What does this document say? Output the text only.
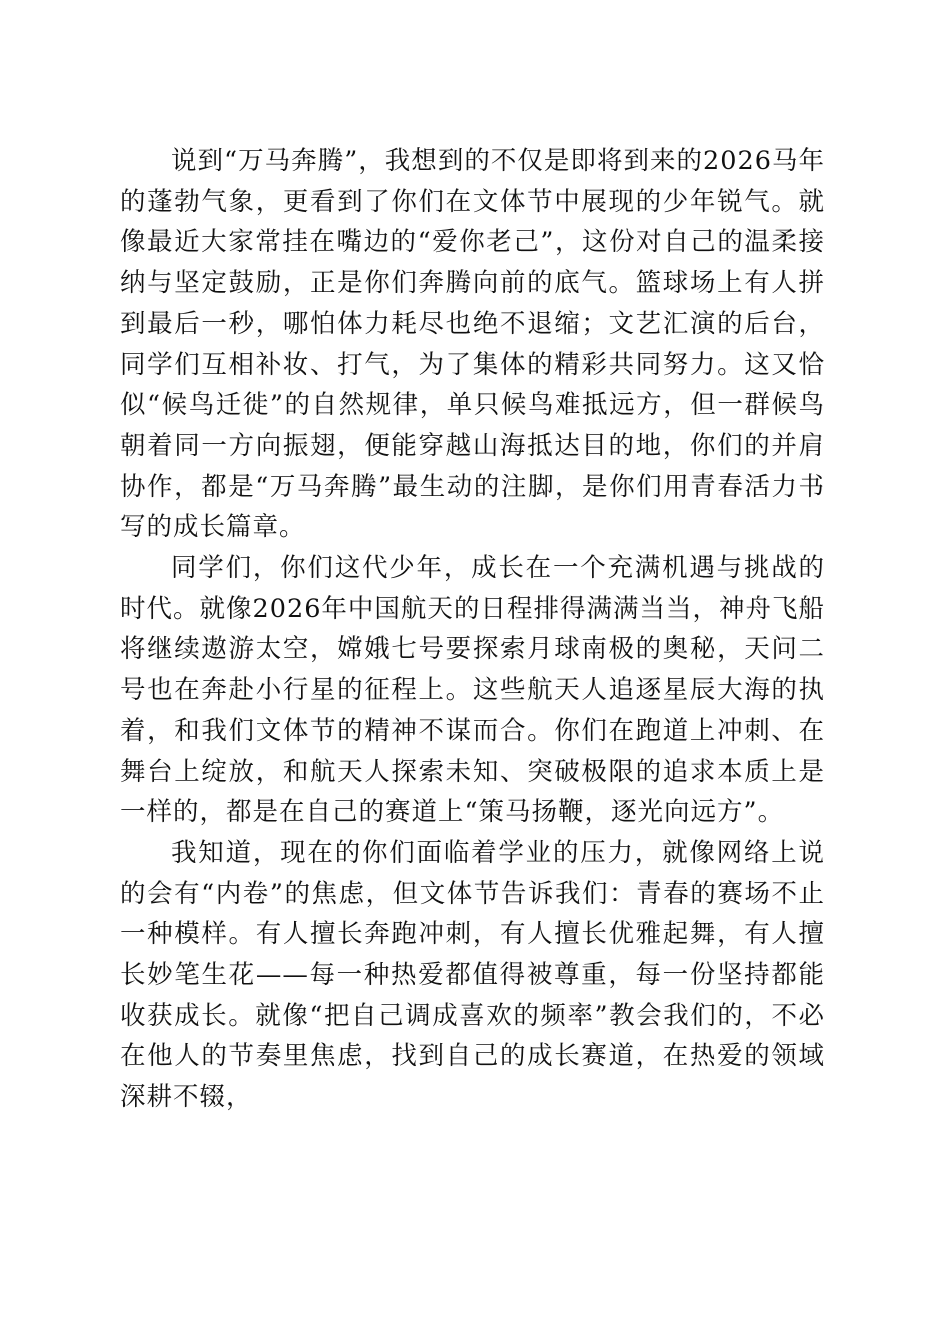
说到“万马奔腾”，我想到的不仅是即将到来的2026马年的蓬勃气象，更看到了你们在文体节中展现的少年锐气。就像最近大家常挂在嘴边的“爱你老己”，这份对自己的温柔接纳与坚定鼓励，正是你们奔腾向前的底气。篮球场上有人拼到最后一秒，哪怕体力耗尽也绝不退缩；文艺汇演的后台，同学们互相补妆、打气，为了集体的精彩共同努力。这又恰似“候鸟迁徙”的自然规律，单只候鸟难抵远方，但一群候鸟朝着同一方向振翅，便能穿越山海抵达目的地，你们的并肩协作，都是“万马奔腾”最生动的注脚，是你们用青春活力书写的成长篇章。

同学们，你们这代少年，成长在一个充满机遇与挑战的时代。就像2026年中国航天的日程排得满满当当，神舟飞船将继续遨游太空，嫦娥七号要探索月球南极的奥秘，天问二号也在奔赴小行星的征程上。这些航天人追逐星辰大海的执着，和我们文体节的精神不谋而合。你们在跑道上冲刺、在舞台上绽放，和航天人探索未知、突破极限的追求本质上是一样的，都是在自己的赛道上“策马扬鞭，逐光向远方”。

我知道，现在的你们面临着学业的压力，就像网络上说的会有“内卷”的焦虑，但文体节告诉我们：青春的赛场不止一种模样。有人擅长奔跑冲刺，有人擅长优雅起舞，有人擅长妙笔生花——每一种热爱都值得被尊重，每一份坚持都能收获成长。就像“把自己调成喜欢的频率”教会我们的，不必在他人的节奏里焦虑，找到自己的成长赛道，在热爱的领域深耕不辍，
